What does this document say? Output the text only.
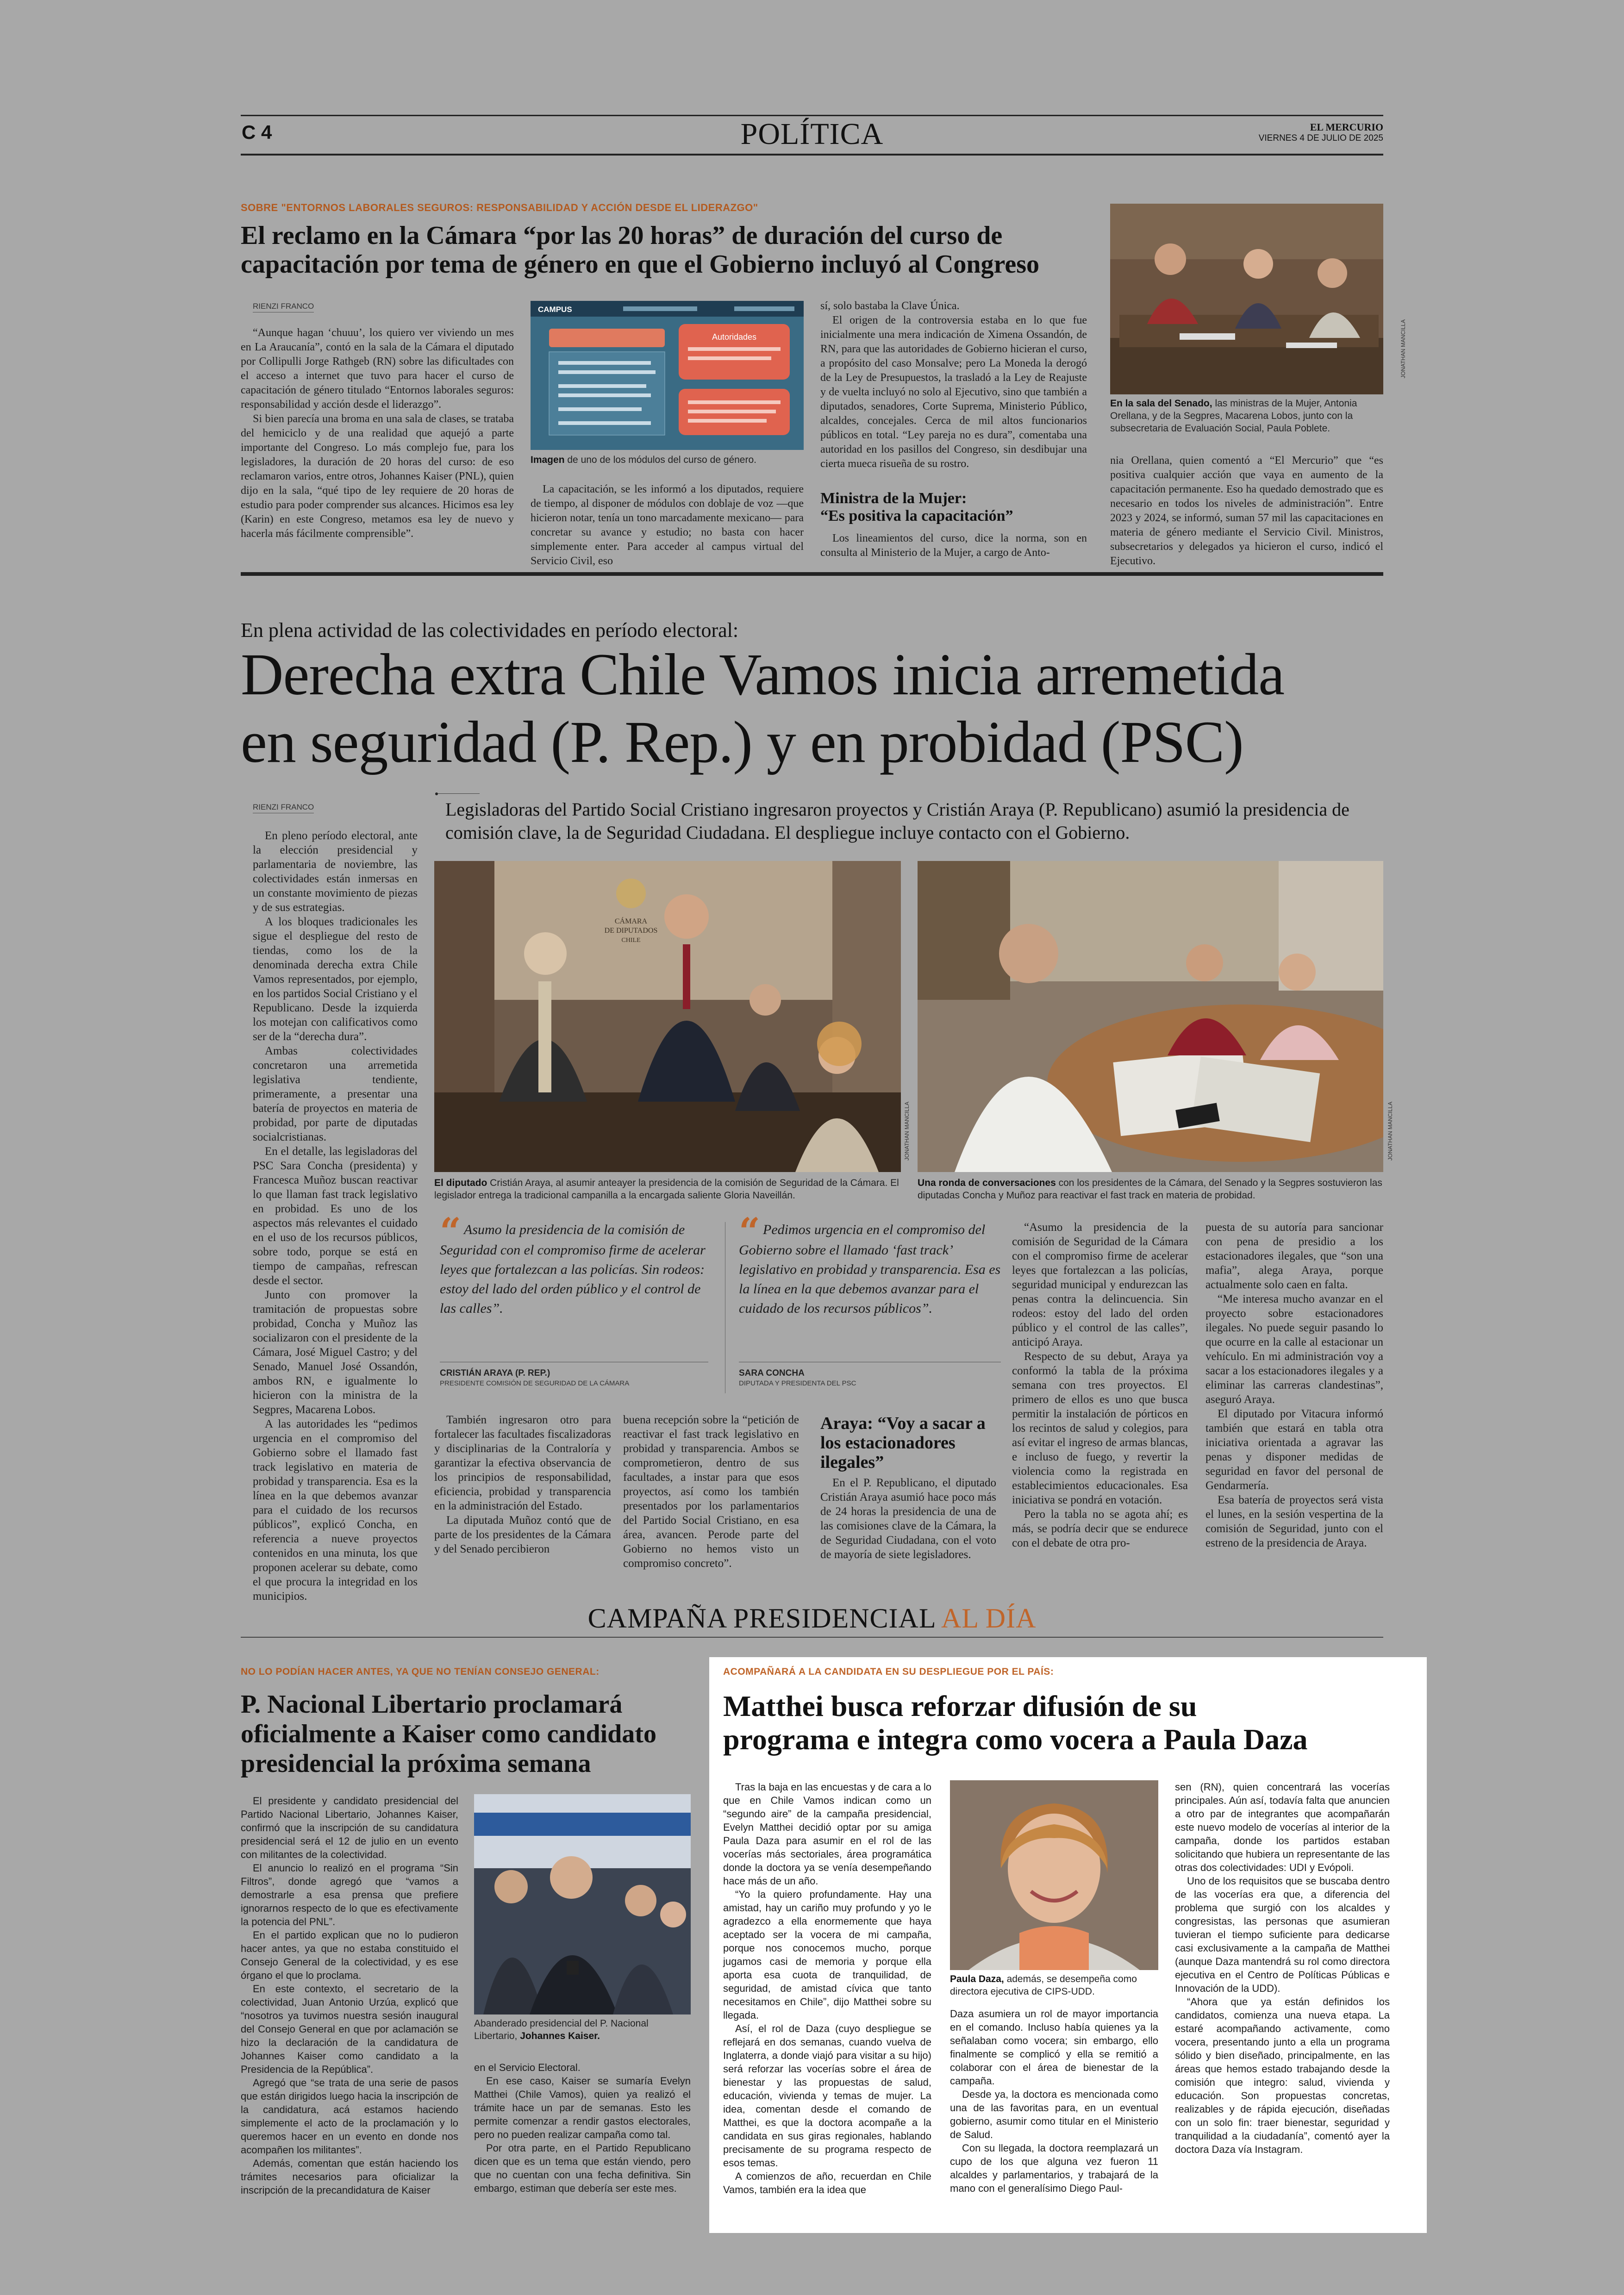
C 4	POLÍTICA	EL MERCURIO
VIERNES 4 DE JULIO DE 2025
SOBRE "ENTORNOS LABORALES SEGUROS: RESPONSABILIDAD Y ACCIÓN DESDE EL LIDERAZGO"
El reclamo en la Cámara “por las 20 horas” de duración del curso de
capacitación por tema de género en que el Gobierno incluyó al Congreso
RIENZI FRANCO

“Aunque hagan ‘chuuu’, los quiero ver viviendo un mes en La Araucanía”, contó en la sala de la Cámara el diputado por Collipulli Jorge Rathgeb (RN) sobre las dificultades con el acceso a internet que tuvo para hacer el curso de capacitación de género titulado “Entornos laborales seguros: responsabilidad y acción desde el liderazgo”.

Si bien parecía una broma en una sala de clases, se trataba del hemiciclo y de una realidad que aquejó a parte importante del Congreso. Lo más complejo fue, para los legisladores, la duración de 20 horas del curso: de eso reclamaron varios, entre otros, Johannes Kaiser (PNL), quien dijo en la sala, “qué tipo de ley requiere de 20 horas de estudio para poder comprender sus alcances. Hicimos esa ley (Karin) en este Congreso, metamos esa ley de nuevo y hacerla más fácilmente comprensible”.

CAMPUS
Autoridades
Imagen de uno de los módulos del curso de género.

La capacitación, se les informó a los diputados, requiere de tiempo, al disponer de módulos con doblaje de voz —que hicieron notar, tenía un tono marcadamente mexicano— para concretar su avance y estudio; no basta con hacer simplemente enter. Para acceder al campus virtual del Servicio Civil, eso

sí, solo bastaba la Clave Única.

El origen de la controversia estaba en lo que fue inicialmente una mera indicación de Ximena Ossandón, de RN, para que las autoridades de Gobierno hicieran el curso, a propósito del caso Monsalve; pero La Moneda la derogó de la Ley de Presupuestos, la trasladó a la Ley de Reajuste y de vuelta incluyó no solo al Ejecutivo, sino que también a diputados, senadores, Corte Suprema, Ministerio Público, alcaldes, concejales. Cerca de mil altos funcionarios públicos en total. “Ley pareja no es dura”, comentaba una autoridad en los pasillos del Congreso, sin desdibujar una cierta mueca risueña de su rostro.

Ministra de la Mujer:
“Es positiva la capacitación”

Los lineamientos del curso, dice la norma, son en consulta al Ministerio de la Mujer, a cargo de Anto-

JONATHAN MANCILLA
En la sala del Senado, las ministras de la Mujer, Antonia Orellana, y de la Segpres, Macarena Lobos, junto con la subsecretaria de Evaluación Social, Paula Poblete.

nia Orellana, quien comentó a “El Mercurio” que “es positiva cualquier acción que vaya en aumento de la capacitación permanente. Eso ha quedado demostrado que es necesario en todos los niveles de administración”. Entre 2023 y 2024, se informó, suman 57 mil las capacitaciones en materia de género mediante el Servicio Civil. Ministros, subsecretarios y delegados ya hicieron el curso, indicó el Ejecutivo.

En plena actividad de las colectividades en período electoral:
Derecha extra Chile Vamos inicia arremetida
en seguridad (P. Rep.) y en probidad (PSC)
Legisladoras del Partido Social Cristiano ingresaron proyectos y Cristián Araya (P. Republicano) asumió la presidencia de comisión clave, la de Seguridad Ciudadana. El despliegue incluye contacto con el Gobierno.
RIENZI FRANCO

En pleno período electoral, ante la elección presidencial y parlamentaria de noviembre, las colectividades están inmersas en un constante movimiento de piezas y de sus estrategias.

A los bloques tradicionales les sigue el despliegue del resto de tiendas, como los de la denominada derecha extra Chile Vamos representados, por ejemplo, en los partidos Social Cristiano y el Republicano. Desde la izquierda los motejan con calificativos como ser de la “derecha dura”.

Ambas colectividades concretaron una arremetida legislativa tendiente, primeramente, a presentar una batería de proyectos en materia de probidad, por parte de diputadas socialcristianas.

En el detalle, las legisladoras del PSC Sara Concha (presidenta) y Francesca Muñoz buscan reactivar lo que llaman fast track legislativo en probidad. Es uno de los aspectos más relevantes el cuidado en el uso de los recursos públicos, sobre todo, porque se está en tiempo de campañas, refrescan desde el sector.

Junto con promover la tramitación de propuestas sobre probidad, Concha y Muñoz las socializaron con el presidente de la Cámara, José Miguel Castro; y del Senado, Manuel José Ossandón, ambos RN, e igualmente lo hicieron con la ministra de la Segpres, Macarena Lobos.

A las autoridades les “pedimos urgencia en el compromiso del Gobierno sobre el llamado fast track legislativo en materia de probidad y transparencia. Esa es la línea en la que debemos avanzar para el cuidado de los recursos públicos”, explicó Concha, en referencia a nueve proyectos contenidos en una minuta, los que proponen acelerar su debate, como el que procura la integridad en los municipios.

CÁMARA
DE DIPUTADOS
CHILE
JONATHAN MANCILLA
El diputado Cristián Araya, al asumir anteayer la presidencia de la comisión de Seguridad de la Cámara. El legislador entrega la tradicional campanilla a la encargada saliente Gloria Naveillán.
JONATHAN MANCILLA
Una ronda de conversaciones con los presidentes de la Cámara, del Senado y la Segpres sostuvieron las diputadas Concha y Muñoz para reactivar el fast track en materia de probidad.
“ Asumo la presidencia de la comisión de Seguridad con el compromiso firme de acelerar leyes que fortalezcan a las policías. Sin rodeos: estoy del lado del orden público y el control de las calles”.
CRISTIÁN ARAYA (P. REP.)
PRESIDENTE COMISIÓN DE SEGURIDAD DE LA CÁMARA
“ Pedimos urgencia en el compromiso del Gobierno sobre el llamado ‘fast track’ legislativo en probidad y transparencia. Esa es la línea en la que debemos avanzar para el cuidado de los recursos públicos”.
SARA CONCHA
DIPUTADA Y PRESIDENTA DEL PSC

También ingresaron otro para fortalecer las facultades fiscalizadoras y disciplinarias de la Contraloría y garantizar la efectiva observancia de los principios de responsabilidad, eficiencia, probidad y transparencia en la administración del Estado.

La diputada Muñoz contó que de parte de los presidentes de la Cámara y del Senado percibieron

buena recepción sobre la “petición de reactivar el fast track legislativo en probidad y transparencia. Ambos se comprometieron, dentro de sus facultades, a instar para que esos proyectos, así como los también presentados por los parlamentarios del Partido Social Cristiano, en esa área, avancen. Perode parte del Gobierno no hemos visto un compromiso concreto”.

Araya: “Voy a sacar a
los estacionadores
ilegales”

En el P. Republicano, el diputado Cristián Araya asumió hace poco más de 24 horas la presidencia de una de las comisiones clave de la Cámara, la de Seguridad Ciudadana, con el voto de mayoría de siete legisladores.

“Asumo la presidencia de la comisión de Seguridad de la Cámara con el compromiso firme de acelerar leyes que fortalezcan a las policías, seguridad municipal y endurezcan las penas contra la delincuencia. Sin rodeos: estoy del lado del orden público y el control de las calles”, anticipó Araya.

Respecto de su debut, Araya ya conformó la tabla de la próxima semana con tres proyectos. El primero de ellos es uno que busca permitir la instalación de pórticos en los recintos de salud y colegios, para así evitar el ingreso de armas blancas, e incluso de fuego, y revertir la violencia como la registrada en establecimientos educacionales. Esa iniciativa se pondrá en votación.

Pero la tabla no se agota ahí; es más, se podría decir que se endurece con el debate de otra pro-

puesta de su autoría para sancionar con pena de presidio a los estacionadores ilegales, que “son una mafia”, alega Araya, porque actualmente solo caen en falta.

“Me interesa mucho avanzar en el proyecto sobre estacionadores ilegales. No puede seguir pasando lo que ocurre en la calle al estacionar un vehículo. En mi administración voy a sacar a los estacionadores ilegales y a eliminar las carreras clandestinas”, aseguró Araya.

El diputado por Vitacura informó también que estará en tabla otra iniciativa orientada a agravar las penas y disponer medidas de seguridad en favor del personal de Gendarmería.

Esa batería de proyectos será vista el lunes, en la sesión vespertina de la comisión de Seguridad, junto con el estreno de la presidencia de Araya.

CAMPAÑA PRESIDENCIAL AL DÍA
NO LO PODÍAN HACER ANTES, YA QUE NO TENÍAN CONSEJO GENERAL:
P. Nacional Libertario proclamará
oficialmente a Kaiser como candidato
presidencial la próxima semana

El presidente y candidato presidencial del Partido Nacional Libertario, Johannes Kaiser, confirmó que la inscripción de su candidatura presidencial será el 12 de julio en un evento con militantes de la colectividad.

El anuncio lo realizó en el programa “Sin Filtros”, donde agregó que “vamos a demostrarle a esa prensa que prefiere ignorarnos respecto de lo que es efectivamente la potencia del PNL”.

En el partido explican que no lo pudieron hacer antes, ya que no estaba constituido el Consejo General de la colectividad, y es ese órgano el que lo proclama.

En este contexto, el secretario de la colectividad, Juan Antonio Urzúa, explicó que “nosotros ya tuvimos nuestra sesión inaugural del Consejo General en que por aclamación se hizo la declaración de la candidatura de Johannes Kaiser como candidato a la Presidencia de la República”.

Agregó que “se trata de una serie de pasos que están dirigidos luego hacia la inscripción de la candidatura, acá estamos haciendo simplemente el acto de la proclamación y lo queremos hacer en un evento en donde nos acompañen los militantes”.

Además, comentan que están haciendo los trámites necesarios para oficializar la inscripción de la precandidatura de Kaiser

Abanderado presidencial del P. Nacional Libertario, Johannes Kaiser.

en el Servicio Electoral.

En ese caso, Kaiser se sumaría Evelyn Matthei (Chile Vamos), quien ya realizó el trámite hace un par de semanas. Esto les permite comenzar a rendir gastos electorales, pero no pueden realizar campaña como tal.

Por otra parte, en el Partido Republicano dicen que es un tema que están viendo, pero que no cuentan con una fecha definitiva. Sin embargo, estiman que debería ser este mes.

ACOMPAÑARÁ A LA CANDIDATA EN SU DESPLIEGUE POR EL PAÍS:
Matthei busca reforzar difusión de su
programa e integra como vocera a Paula Daza

Tras la baja en las encuestas y de cara a lo que en Chile Vamos indican como un “segundo aire” de la campaña presidencial, Evelyn Matthei decidió optar por su amiga Paula Daza para asumir en el rol de las vocerías más sectoriales, área programática donde la doctora ya se venía desempeñando hace más de un año.

“Yo la quiero profundamente. Hay una amistad, hay un cariño muy profundo y yo le agradezco a ella enormemente que haya aceptado ser la vocera de mi campaña, porque nos conocemos mucho, porque jugamos casi de memoria y porque ella aporta esa cuota de tranquilidad, de seguridad, de amistad cívica que tanto necesitamos en Chile”, dijo Matthei sobre su llegada.

Así, el rol de Daza (cuyo despliegue se reflejará en dos semanas, cuando vuelva de Inglaterra, a donde viajó para visitar a su hijo) será reforzar las vocerías sobre el área de bienestar y las propuestas de salud, educación, vivienda y temas de mujer. La idea, comentan desde el comando de Matthei, es que la doctora acompañe a la candidata en sus giras regionales, hablando precisamente de su programa respecto de esos temas.

A comienzos de año, recuerdan en Chile Vamos, también era la idea que

Paula Daza, además, se desempeña como directora ejecutiva de CIPS-UDD.

Daza asumiera un rol de mayor importancia en el comando. Incluso había quienes ya la señalaban como vocera; sin embargo, ello finalmente se complicó y ella se remitió a colaborar con el área de bienestar de la campaña.

Desde ya, la doctora es mencionada como una de las favoritas para, en un eventual gobierno, asumir como titular en el Ministerio de Salud.

Con su llegada, la doctora reemplazará un cupo de los que alguna vez fueron 11 alcaldes y parlamentarios, y trabajará de la mano con el generalísimo Diego Paul-

sen (RN), quien concentrará las vocerías principales. Aún así, todavía falta que anuncien a otro par de integrantes que acompañarán este nuevo modelo de vocerías al interior de la campaña, donde los partidos estaban solicitando que hubiera un representante de las otras dos colectividades: UDI y Evópoli.

Uno de los requisitos que se buscaba dentro de las vocerías era que, a diferencia del problema que surgió con los alcaldes y congresistas, las personas que asumieran tuvieran el tiempo suficiente para dedicarse casi exclusivamente a la campaña de Matthei (aunque Daza mantendrá su rol como directora ejecutiva en el Centro de Políticas Públicas e Innovación de la UDD).

“Ahora que ya están definidos los candidatos, comienza una nueva etapa. La estaré acompañando activamente, como vocera, presentando junto a ella un programa sólido y bien diseñado, principalmente, en las áreas que hemos estado trabajando desde la comisión que integro: salud, vivienda y educación. Son propuestas concretas, realizables y de rápida ejecución, diseñadas con un solo fin: traer bienestar, seguridad y tranquilidad a la ciudadanía”, comentó ayer la doctora Daza vía Instagram.
